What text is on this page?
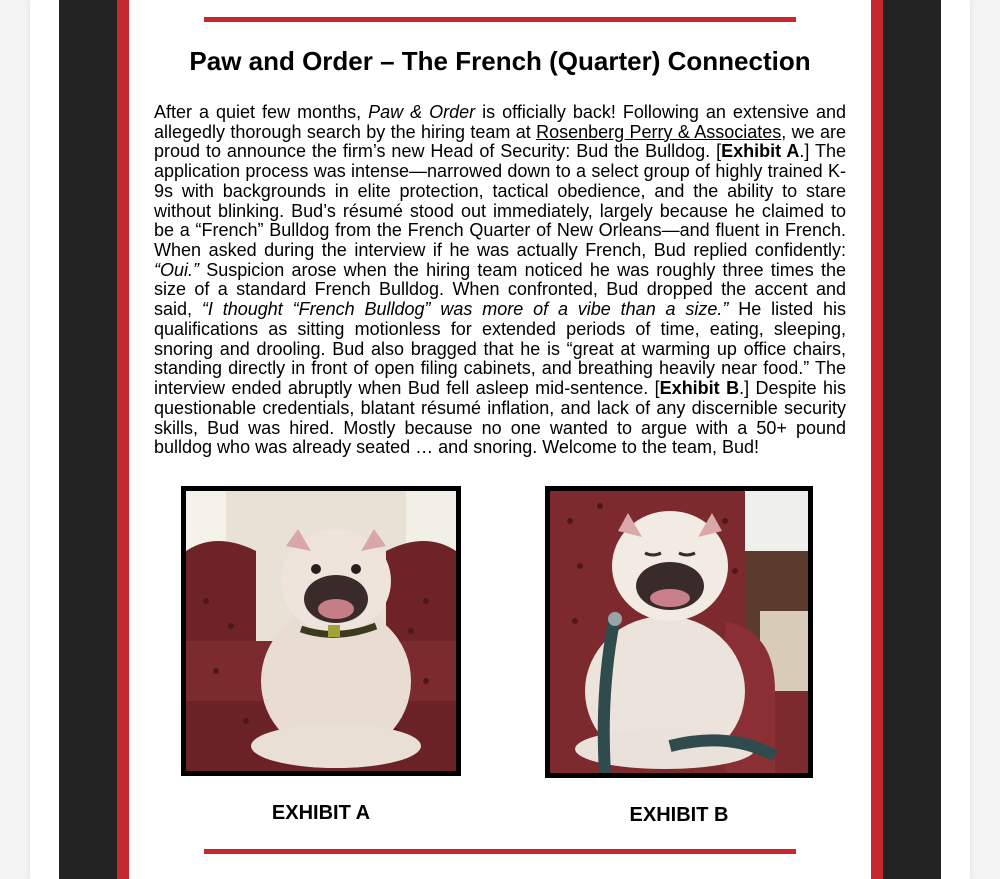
Paw and Order – The French (Quarter) Connection

After a quiet few months, Paw & Order is officially back! Following an extensive and allegedly thorough search by the hiring team at Rosenberg Perry & Associates, we are proud to announce the firm’s new Head of Security: Bud the Bulldog. [Exhibit A.] The application process was intense—narrowed down to a select group of highly trained K-9s with backgrounds in elite protection, tactical obedience, and the ability to stare without blinking. Bud’s résumé stood out immediately, largely because he claimed to be a “French” Bulldog from the French Quarter of New Orleans—and fluent in French. When asked during the interview if he was actually French, Bud replied confidently: “Oui.” Suspicion arose when the hiring team noticed he was roughly three times the size of a standard French Bulldog. When confronted, Bud dropped the accent and said, “I thought “French Bulldog” was more of a vibe than a size.” He listed his qualifications as sitting motionless for extended periods of time, eating, sleeping, snoring and drooling. Bud also bragged that he is “great at warming up office chairs, standing directly in front of open filing cabinets, and breathing heavily near food.” The interview ended abruptly when Bud fell asleep mid-sentence. [Exhibit B.] Despite his questionable credentials, blatant résumé inflation, and lack of any discernible security skills, Bud was hired. Mostly because no one wanted to argue with a 50+ pound bulldog who was already seated … and snoring. Welcome to the team, Bud!

EXHIBIT A	EXHIBIT B
